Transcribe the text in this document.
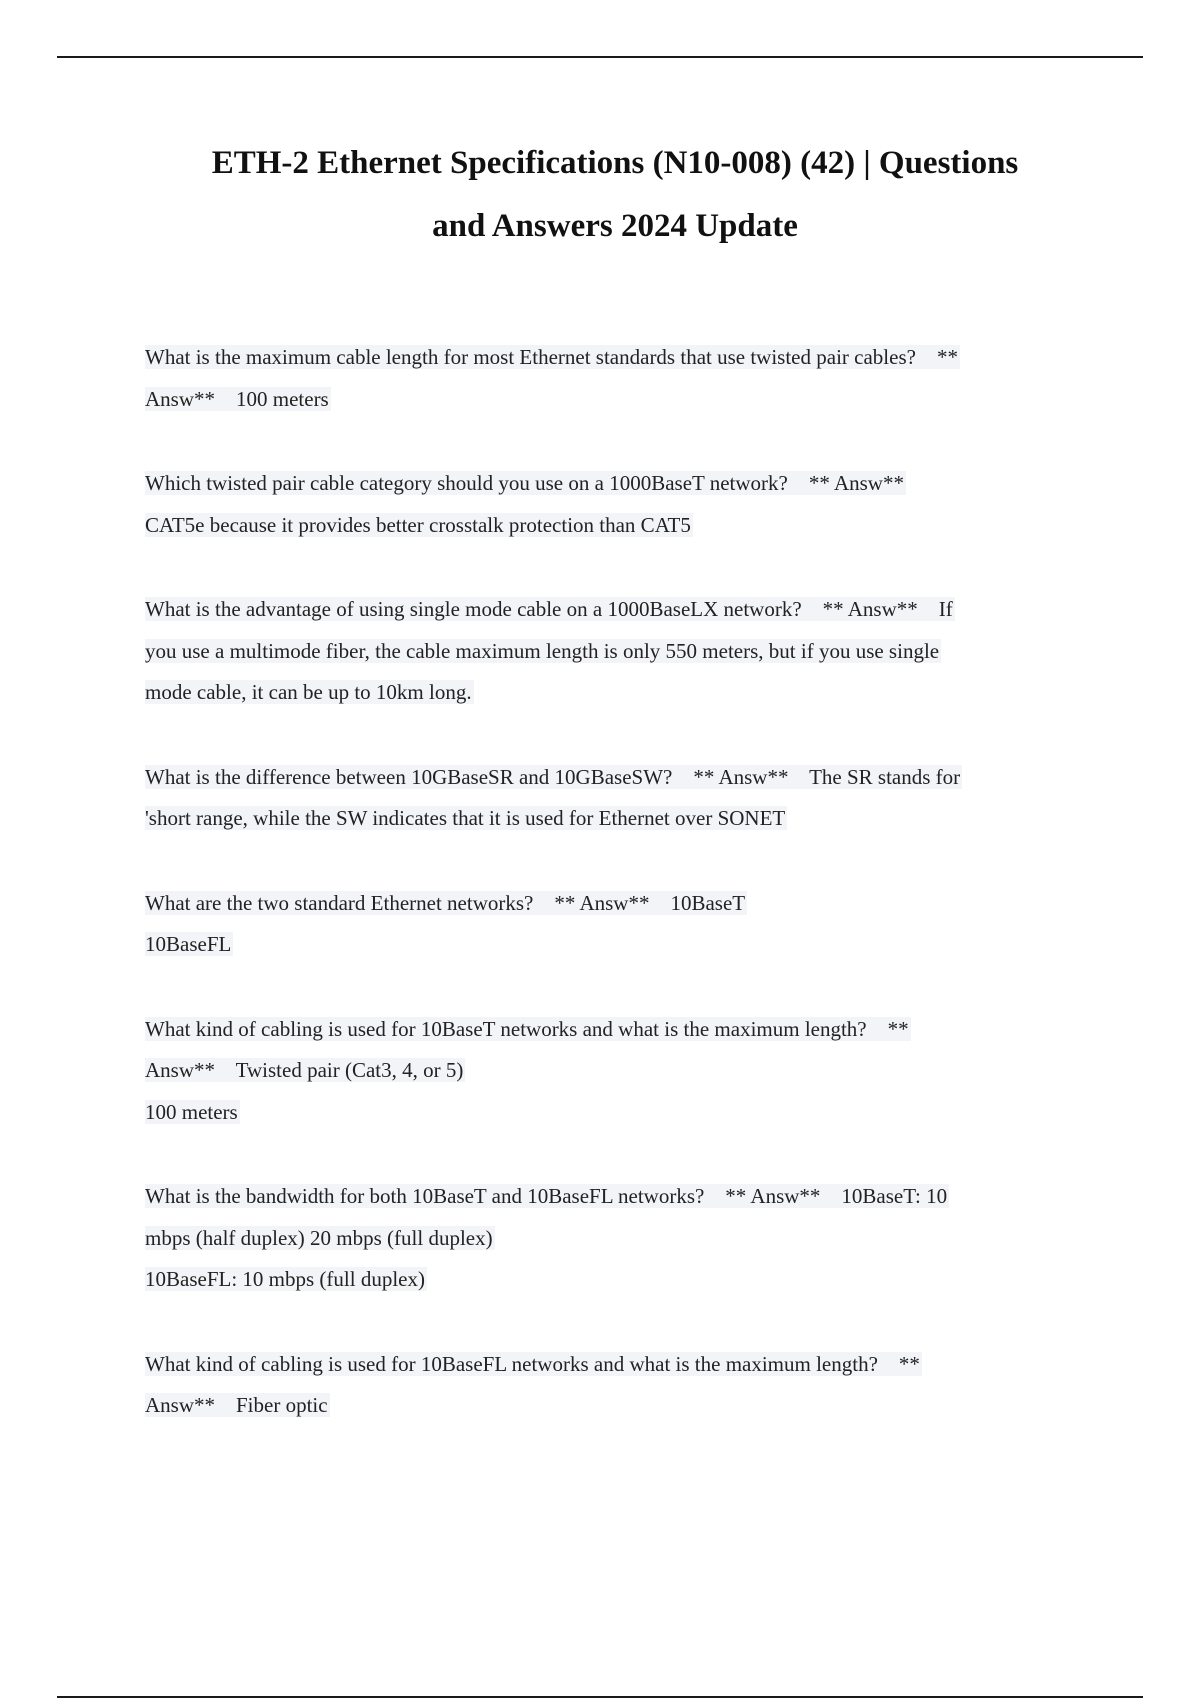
ETH-2 Ethernet Specifications (N10-008) (42) | Questions
and Answers 2024 Update
What is the maximum cable length for most Ethernet standards that use twisted pair cables?    **
Answ**    100 meters
Which twisted pair cable category should you use on a 1000BaseT network?    ** Answ**
CAT5e because it provides better crosstalk protection than CAT5
What is the advantage of using single mode cable on a 1000BaseLX network?    ** Answ**    If
you use a multimode fiber, the cable maximum length is only 550 meters, but if you use single
mode cable, it can be up to 10km long.
What is the difference between 10GBaseSR and 10GBaseSW?    ** Answ**    The SR stands for
'short range, while the SW indicates that it is used for Ethernet over SONET
What are the two standard Ethernet networks?    ** Answ**    10BaseT
10BaseFL
What kind of cabling is used for 10BaseT networks and what is the maximum length?    **
Answ**    Twisted pair (Cat3, 4, or 5)
100 meters
What is the bandwidth for both 10BaseT and 10BaseFL networks?    ** Answ**    10BaseT: 10
mbps (half duplex) 20 mbps (full duplex)
10BaseFL: 10 mbps (full duplex)
What kind of cabling is used for 10BaseFL networks and what is the maximum length?    **
Answ**    Fiber optic
